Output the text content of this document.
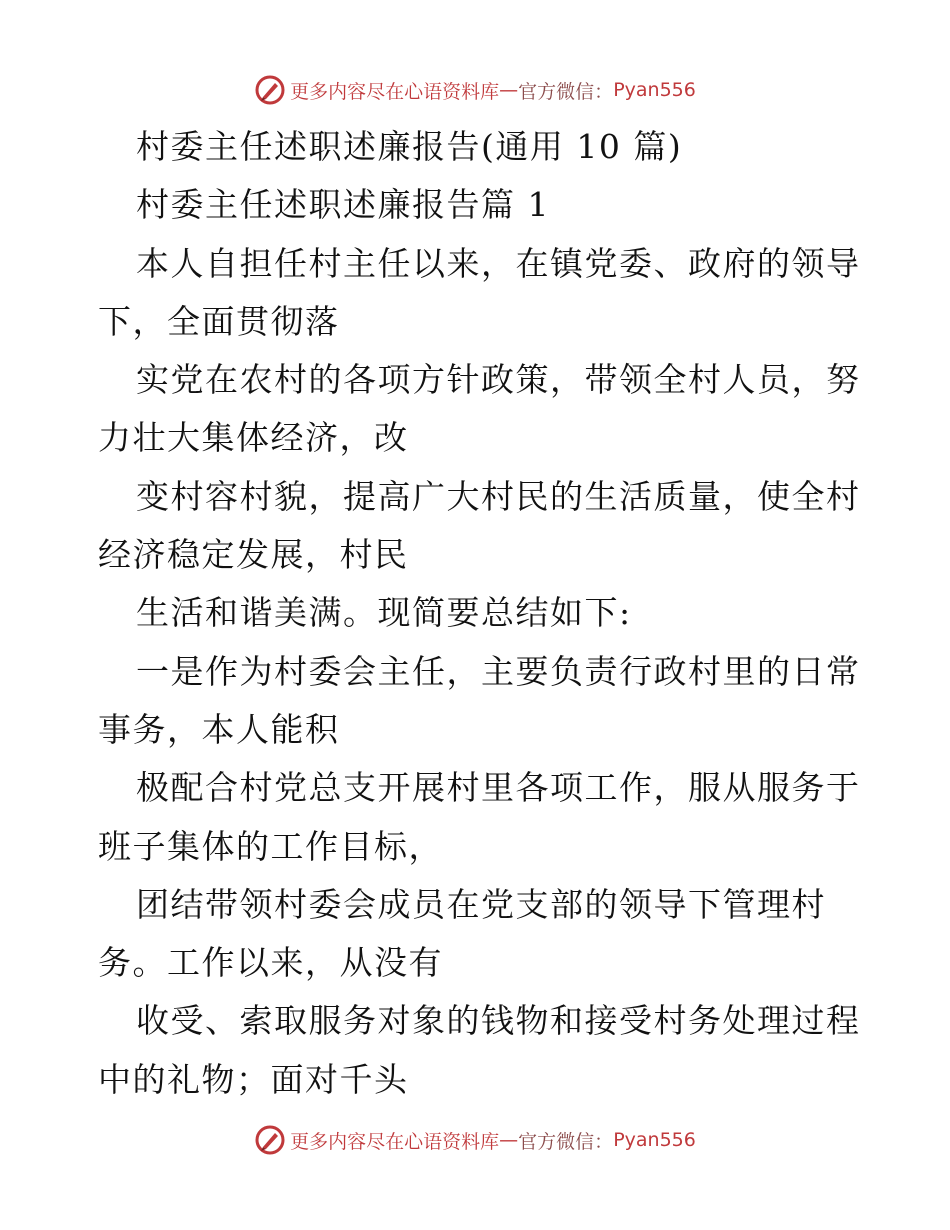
更多内容尽在心语资料库 — 官方微信： Pyan556

村委主任述职述廉报告(通用 10 篇)

村委主任述职述廉报告篇 1

本人自担任村主任以来，在镇党委、政府的领导

下，全面贯彻落

实党在农村的各项方针政策，带领全村人员，努

力壮大集体经济，改

变村容村貌，提高广大村民的生活质量，使全村

经济稳定发展，村民

生活和谐美满。现简要总结如下:

一是作为村委会主任，主要负责行政村里的日常

事务，本人能积

极配合村党总支开展村里各项工作，服从服务于

班子集体的工作目标，

团结带领村委会成员在党支部的领导下管理村

务。工作以来，从没有

收受、索取服务对象的钱物和接受村务处理过程

中的礼物；面对千头

更多内容尽在心语资料库 — 官方微信： Pyan556
